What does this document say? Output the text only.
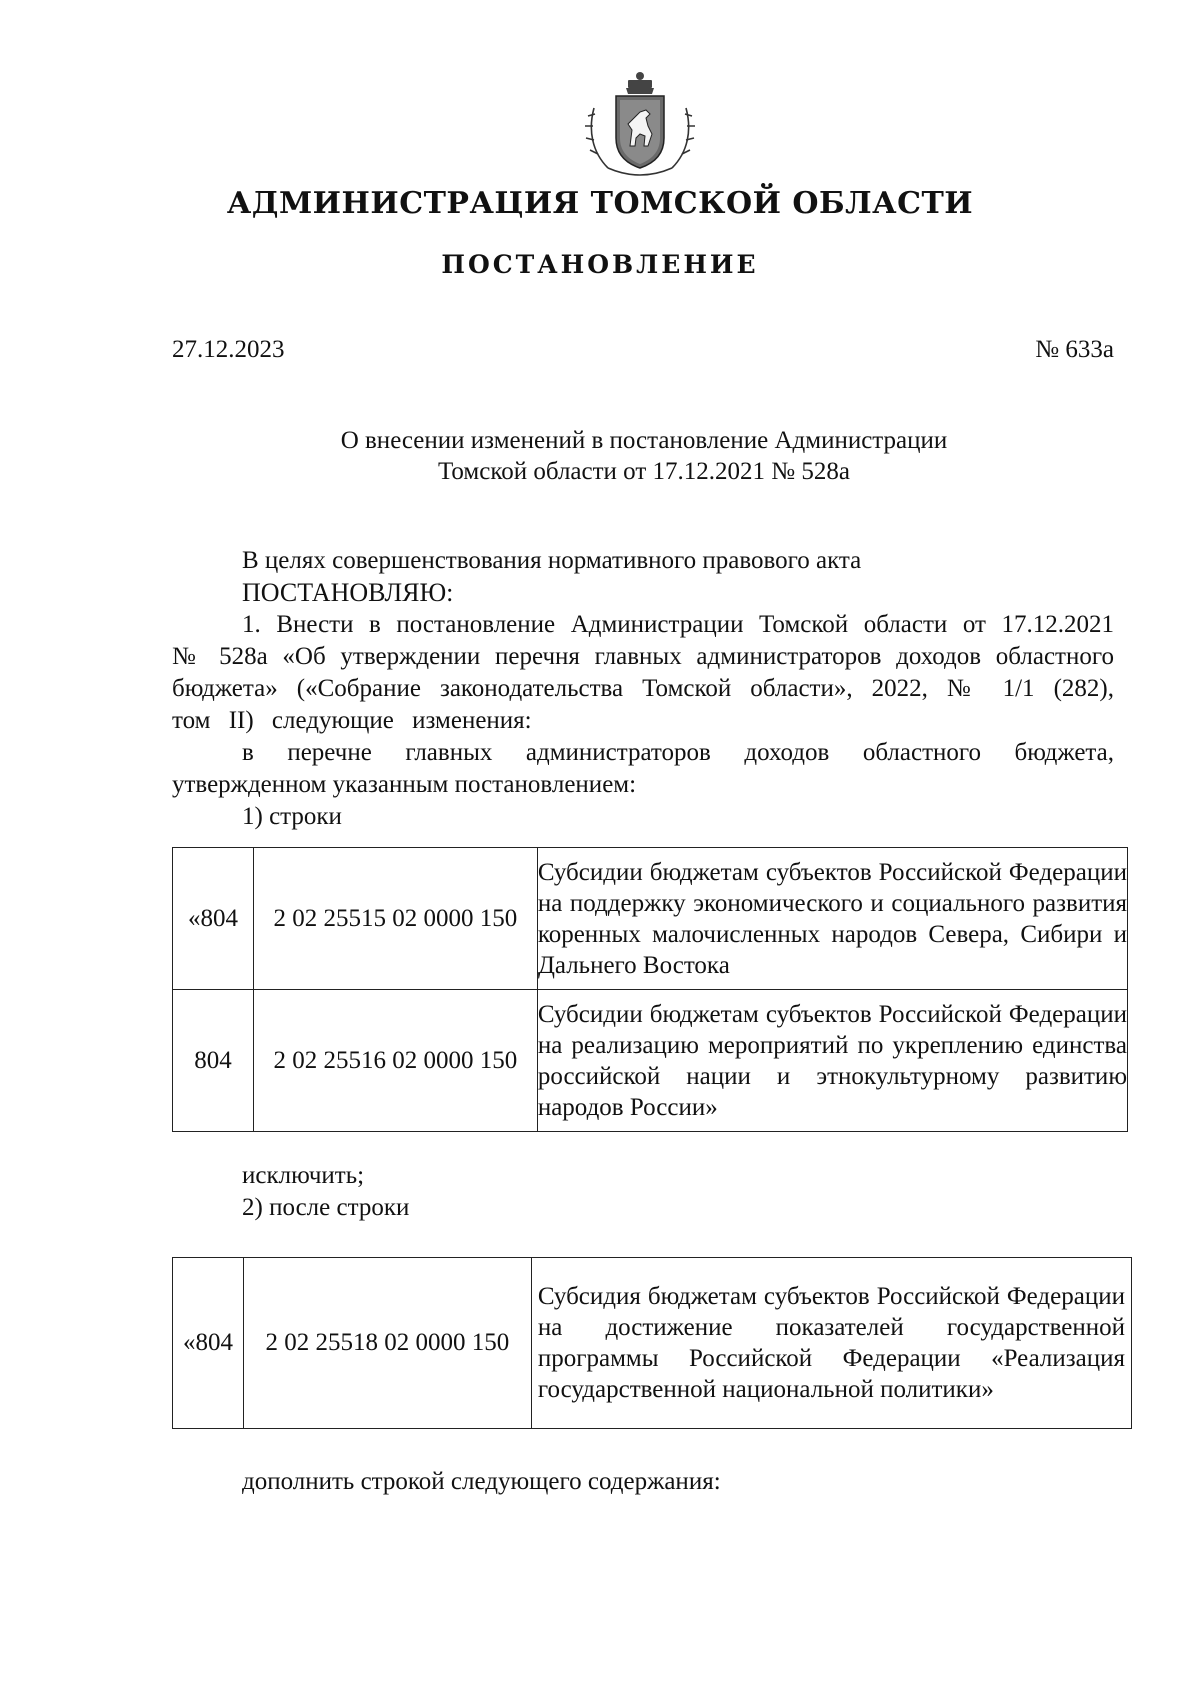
АДМИНИСТРАЦИЯ ТОМСКОЙ ОБЛАСТИ
ПОСТАНОВЛЕНИЕ
27.12.2023	№ 633а
О внесении изменений в постановление Администрации
Томской области от 17.12.2021 № 528а

В целях совершенствования нормативного правового акта

ПОСТАНОВЛЯЮ:

1. Внести в постановление Администрации Томской области от 17.12.2021

№ 528а «Об утверждении перечня главных администраторов доходов областного

бюджета» («Собрание законодательства Томской области», 2022, № 1/1 (282),

том II) следующие изменения:

в перечне главных администраторов доходов областного бюджета,

утвержденном указанным постановлением:

1) строки

«804	2 02 25515 02 0000 150	Субсидии бюджетам субъектов Российской Федерации на поддержку экономического и социального развития коренных малочисленных народов Севера, Сибири и Дальнего Востока
804	2 02 25516 02 0000 150	Субсидии бюджетам субъектов Российской Федерации на реализацию мероприятий по укреплению единства российской нации и этнокультурному развитию народов России»

исключить;

2) после строки

«804	2 02 25518 02 0000 150	Субсидия бюджетам субъектов Российской Федерации на достижение показателей государственной программы Российской Федерации «Реализация государственной национальной политики»

дополнить строкой следующего содержания:
